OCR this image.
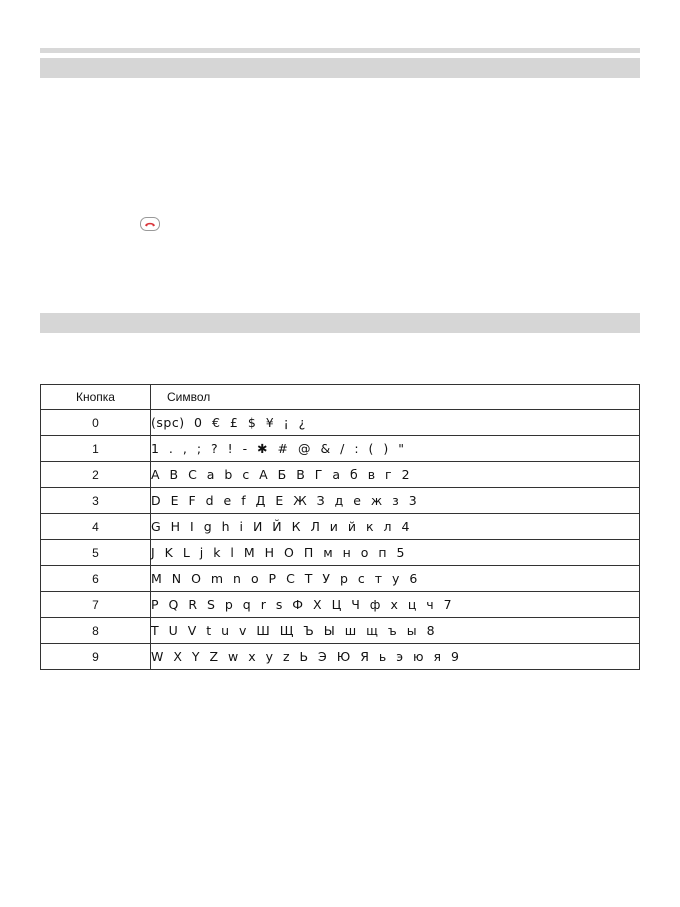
Кнопка	Символ
0	(spc) 0 € £ $ ¥ ¡ ¿
1	1 . , ; ? ! - ✱ # @ & / : ( ) "
2	A B C a b c А Б В Г а б в г 2
3	D E F d e f Д Е Ж З д е ж з 3
4	G H I g h i И Й К Л и й к л 4
5	J K L j k l М Н О П м н о п 5
6	M N O m n o Р С Т У р с т у 6
7	P Q R S p q r s Ф Х Ц Ч ф х ц ч 7
8	T U V t u v Ш Щ Ъ Ы ш щ ъ ы 8
9	W X Y Z w x y z Ь Э Ю Я ь э ю я 9
